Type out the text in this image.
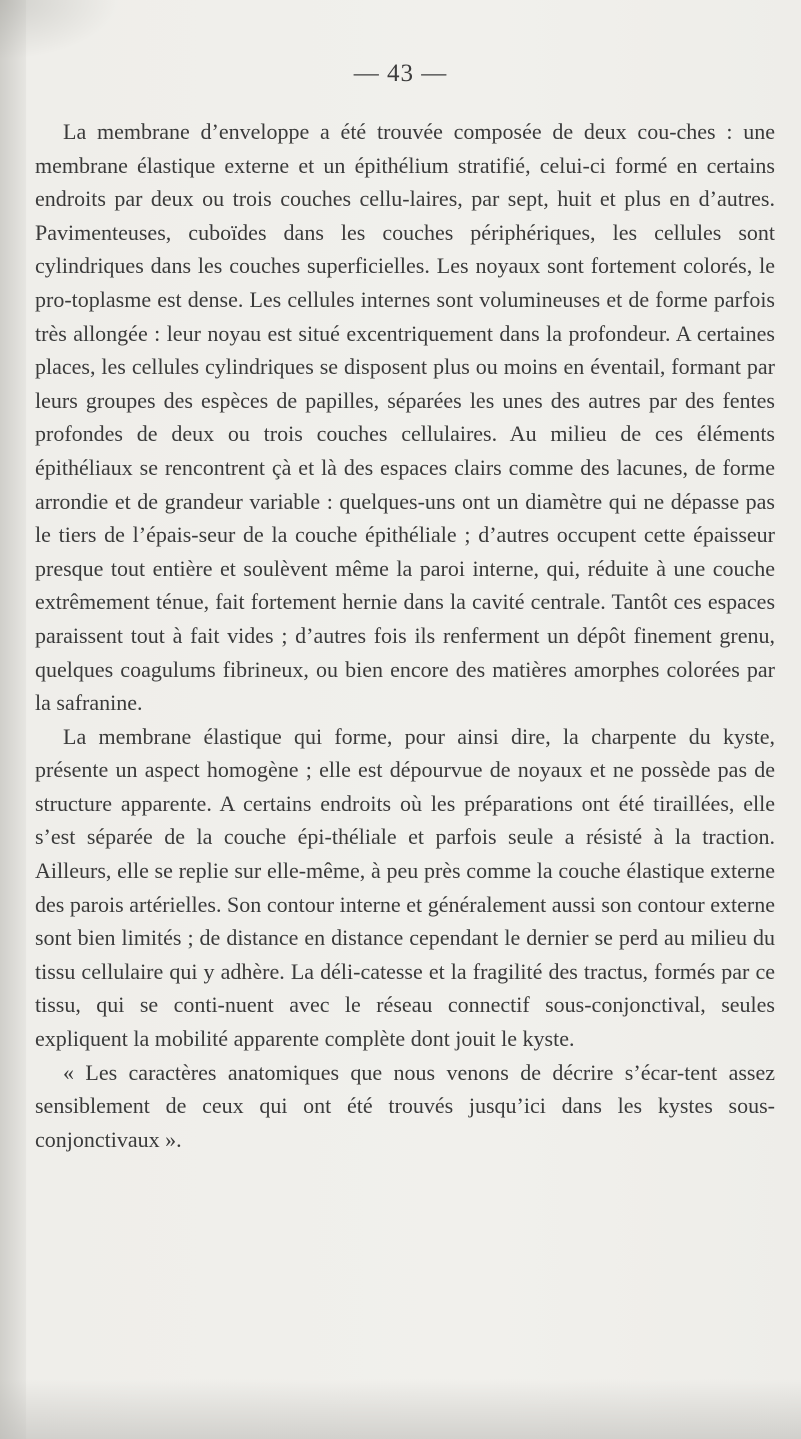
— 43 —

La membrane d’enveloppe a été trouvée composée de deux cou-ches : une membrane élastique externe et un épithélium stratifié, celui-ci formé en certains endroits par deux ou trois couches cellu-laires, par sept, huit et plus en d’autres. Pavimenteuses, cuboïdes dans les couches périphériques, les cellules sont cylindriques dans les couches superficielles. Les noyaux sont fortement colorés, le pro-toplasme est dense. Les cellules internes sont volumineuses et de forme parfois très allongée : leur noyau est situé excentriquement dans la profondeur. A certaines places, les cellules cylindriques se disposent plus ou moins en éventail, formant par leurs groupes des espèces de papilles, séparées les unes des autres par des fentes profondes de deux ou trois couches cellulaires. Au milieu de ces éléments épithéliaux se rencontrent çà et là des espaces clairs comme des lacunes, de forme arrondie et de grandeur variable : quelques-uns ont un diamètre qui ne dépasse pas le tiers de l’épais-seur de la couche épithéliale ; d’autres occupent cette épaisseur presque tout entière et soulèvent même la paroi interne, qui, réduite à une couche extrêmement ténue, fait fortement hernie dans la cavité centrale. Tantôt ces espaces paraissent tout à fait vides ; d’autres fois ils renferment un dépôt finement grenu, quelques coagulums fibrineux, ou bien encore des matières amorphes colorées par la safranine.

La membrane élastique qui forme, pour ainsi dire, la charpente du kyste, présente un aspect homogène ; elle est dépourvue de noyaux et ne possède pas de structure apparente. A certains endroits où les préparations ont été tiraillées, elle s’est séparée de la couche épi-théliale et parfois seule a résisté à la traction. Ailleurs, elle se replie sur elle-même, à peu près comme la couche élastique externe des parois artérielles. Son contour interne et généralement aussi son contour externe sont bien limités ; de distance en distance cependant le dernier se perd au milieu du tissu cellulaire qui y adhère. La déli-catesse et la fragilité des tractus, formés par ce tissu, qui se conti-nuent avec le réseau connectif sous-conjonctival, seules expliquent la mobilité apparente complète dont jouit le kyste.

« Les caractères anatomiques que nous venons de décrire s’écar-tent assez sensiblement de ceux qui ont été trouvés jusqu’ici dans les kystes sous-conjonctivaux ».
